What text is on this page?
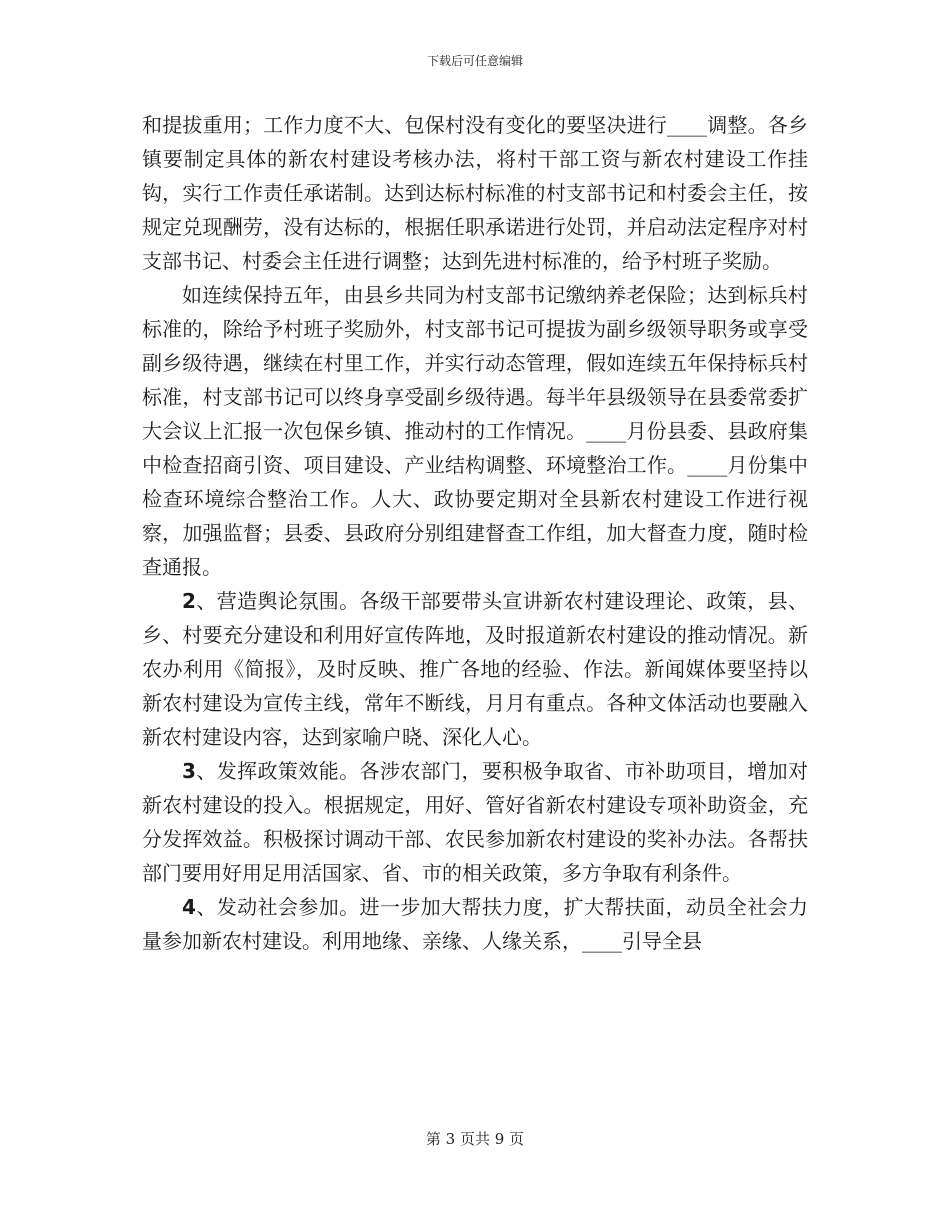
下载后可任意编辑

和提拔重用；工作力度不大、包保村没有变化的要坚决进行____调整。各乡镇要制定具体的新农村建设考核办法，将村干部工资与新农村建设工作挂钩，实行工作责任承诺制。达到达标村标准的村支部书记和村委会主任，按规定兑现酬劳，没有达标的，根据任职承诺进行处罚，并启动法定程序对村支部书记、村委会主任进行调整；达到先进村标准的，给予村班子奖励。

如连续保持五年，由县乡共同为村支部书记缴纳养老保险；达到标兵村标准的，除给予村班子奖励外，村支部书记可提拔为副乡级领导职务或享受副乡级待遇，继续在村里工作，并实行动态管理，假如连续五年保持标兵村标准，村支部书记可以终身享受副乡级待遇。每半年县级领导在县委常委扩大会议上汇报一次包保乡镇、推动村的工作情况。____月份县委、县政府集中检查招商引资、项目建设、产业结构调整、环境整治工作。____月份集中检查环境综合整治工作。人大、政协要定期对全县新农村建设工作进行视察，加强监督；县委、县政府分别组建督查工作组，加大督查力度，随时检查通报。

2、营造舆论氛围。各级干部要带头宣讲新农村建设理论、政策，县、乡、村要充分建设和利用好宣传阵地，及时报道新农村建设的推动情况。新农办利用《简报》，及时反映、推广各地的经验、作法。新闻媒体要坚持以新农村建设为宣传主线，常年不断线，月月有重点。各种文体活动也要融入新农村建设内容，达到家喻户晓、深化人心。

3、发挥政策效能。各涉农部门，要积极争取省、市补助项目，增加对新农村建设的投入。根据规定，用好、管好省新农村建设专项补助资金，充分发挥效益。积极探讨调动干部、农民参加新农村建设的奖补办法。各帮扶部门要用好用足用活国家、省、市的相关政策，多方争取有利条件。

4、发动社会参加。进一步加大帮扶力度，扩大帮扶面，动员全社会力量参加新农村建设。利用地缘、亲缘、人缘关系，____引导全县

第 3 页共 9 页
